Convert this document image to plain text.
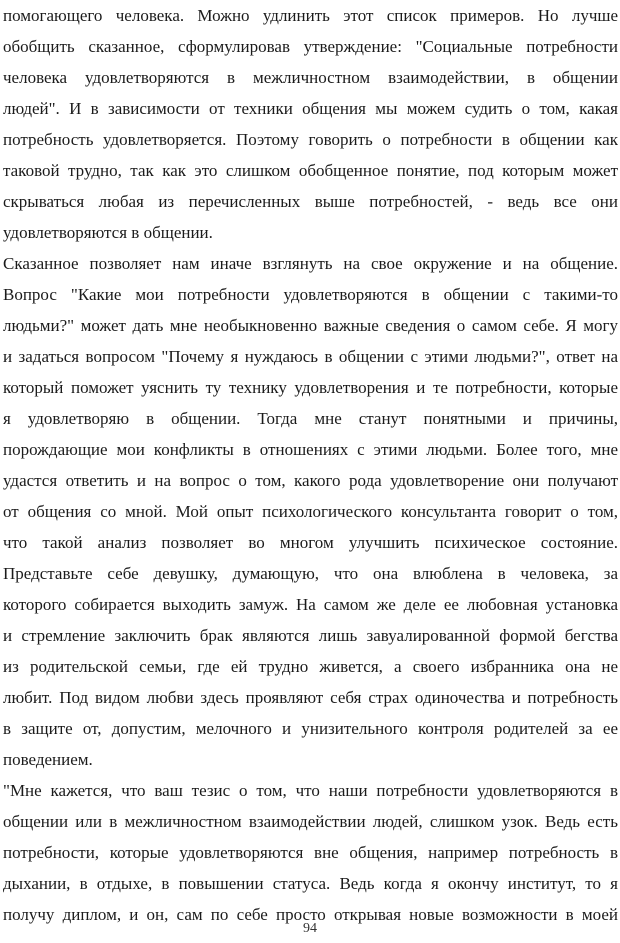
помогающего человека. Можно удлинить этот список примеров. Но лучше
обобщить сказанное, сформулировав утверждение: "Социальные потребности
человека удовлетворяются в межличностном взаимодействии, в общении
людей". И в зависимости от техники общения мы можем судить о том, какая
потребность удовлетворяется. Поэтому говорить о потребности в общении как
таковой трудно, так как это слишком обобщенное понятие, под которым может
скрываться любая из перечисленных выше потребностей, - ведь все они
удовлетворяются в общении.
Сказанное позволяет нам иначе взглянуть на свое окружение и на общение.
Вопрос "Какие мои потребности удовлетворяются в общении с такими-то
людьми?" может дать мне необыкновенно важные сведения о самом себе. Я могу
и задаться вопросом "Почему я нуждаюсь в общении с этими людьми?", ответ на
который поможет уяснить ту технику удовлетворения и те потребности, которые
я удовлетворяю в общении. Тогда мне станут понятными и причины,
порождающие мои конфликты в отношениях с этими людьми. Более того, мне
удастся ответить и на вопрос о том, какого рода удовлетворение они получают
от общения со мной. Мой опыт психологического консультанта говорит о том,
что такой анализ позволяет во многом улучшить психическое состояние.
Представьте себе девушку, думающую, что она влюблена в человека, за
которого собирается выходить замуж. На самом же деле ее любовная установка
и стремление заключить брак являются лишь завуалированной формой бегства
из родительской семьи, где ей трудно живется, а своего избранника она не
любит. Под видом любви здесь проявляют себя страх одиночества и потребность
в защите от, допустим, мелочного и унизительного контроля родителей за ее
поведением.
"Мне кажется, что ваш тезис о том, что наши потребности удовлетворяются в
общении или в межличностном взаимодействии людей, слишком узок. Ведь есть
потребности, которые удовлетворяются вне общения, например потребность в
дыхании, в отдыхе, в повышении статуса. Ведь когда я окончу институт, то я
получу диплом, и он, сам по себе просто открывая новые возможности в моей
94
